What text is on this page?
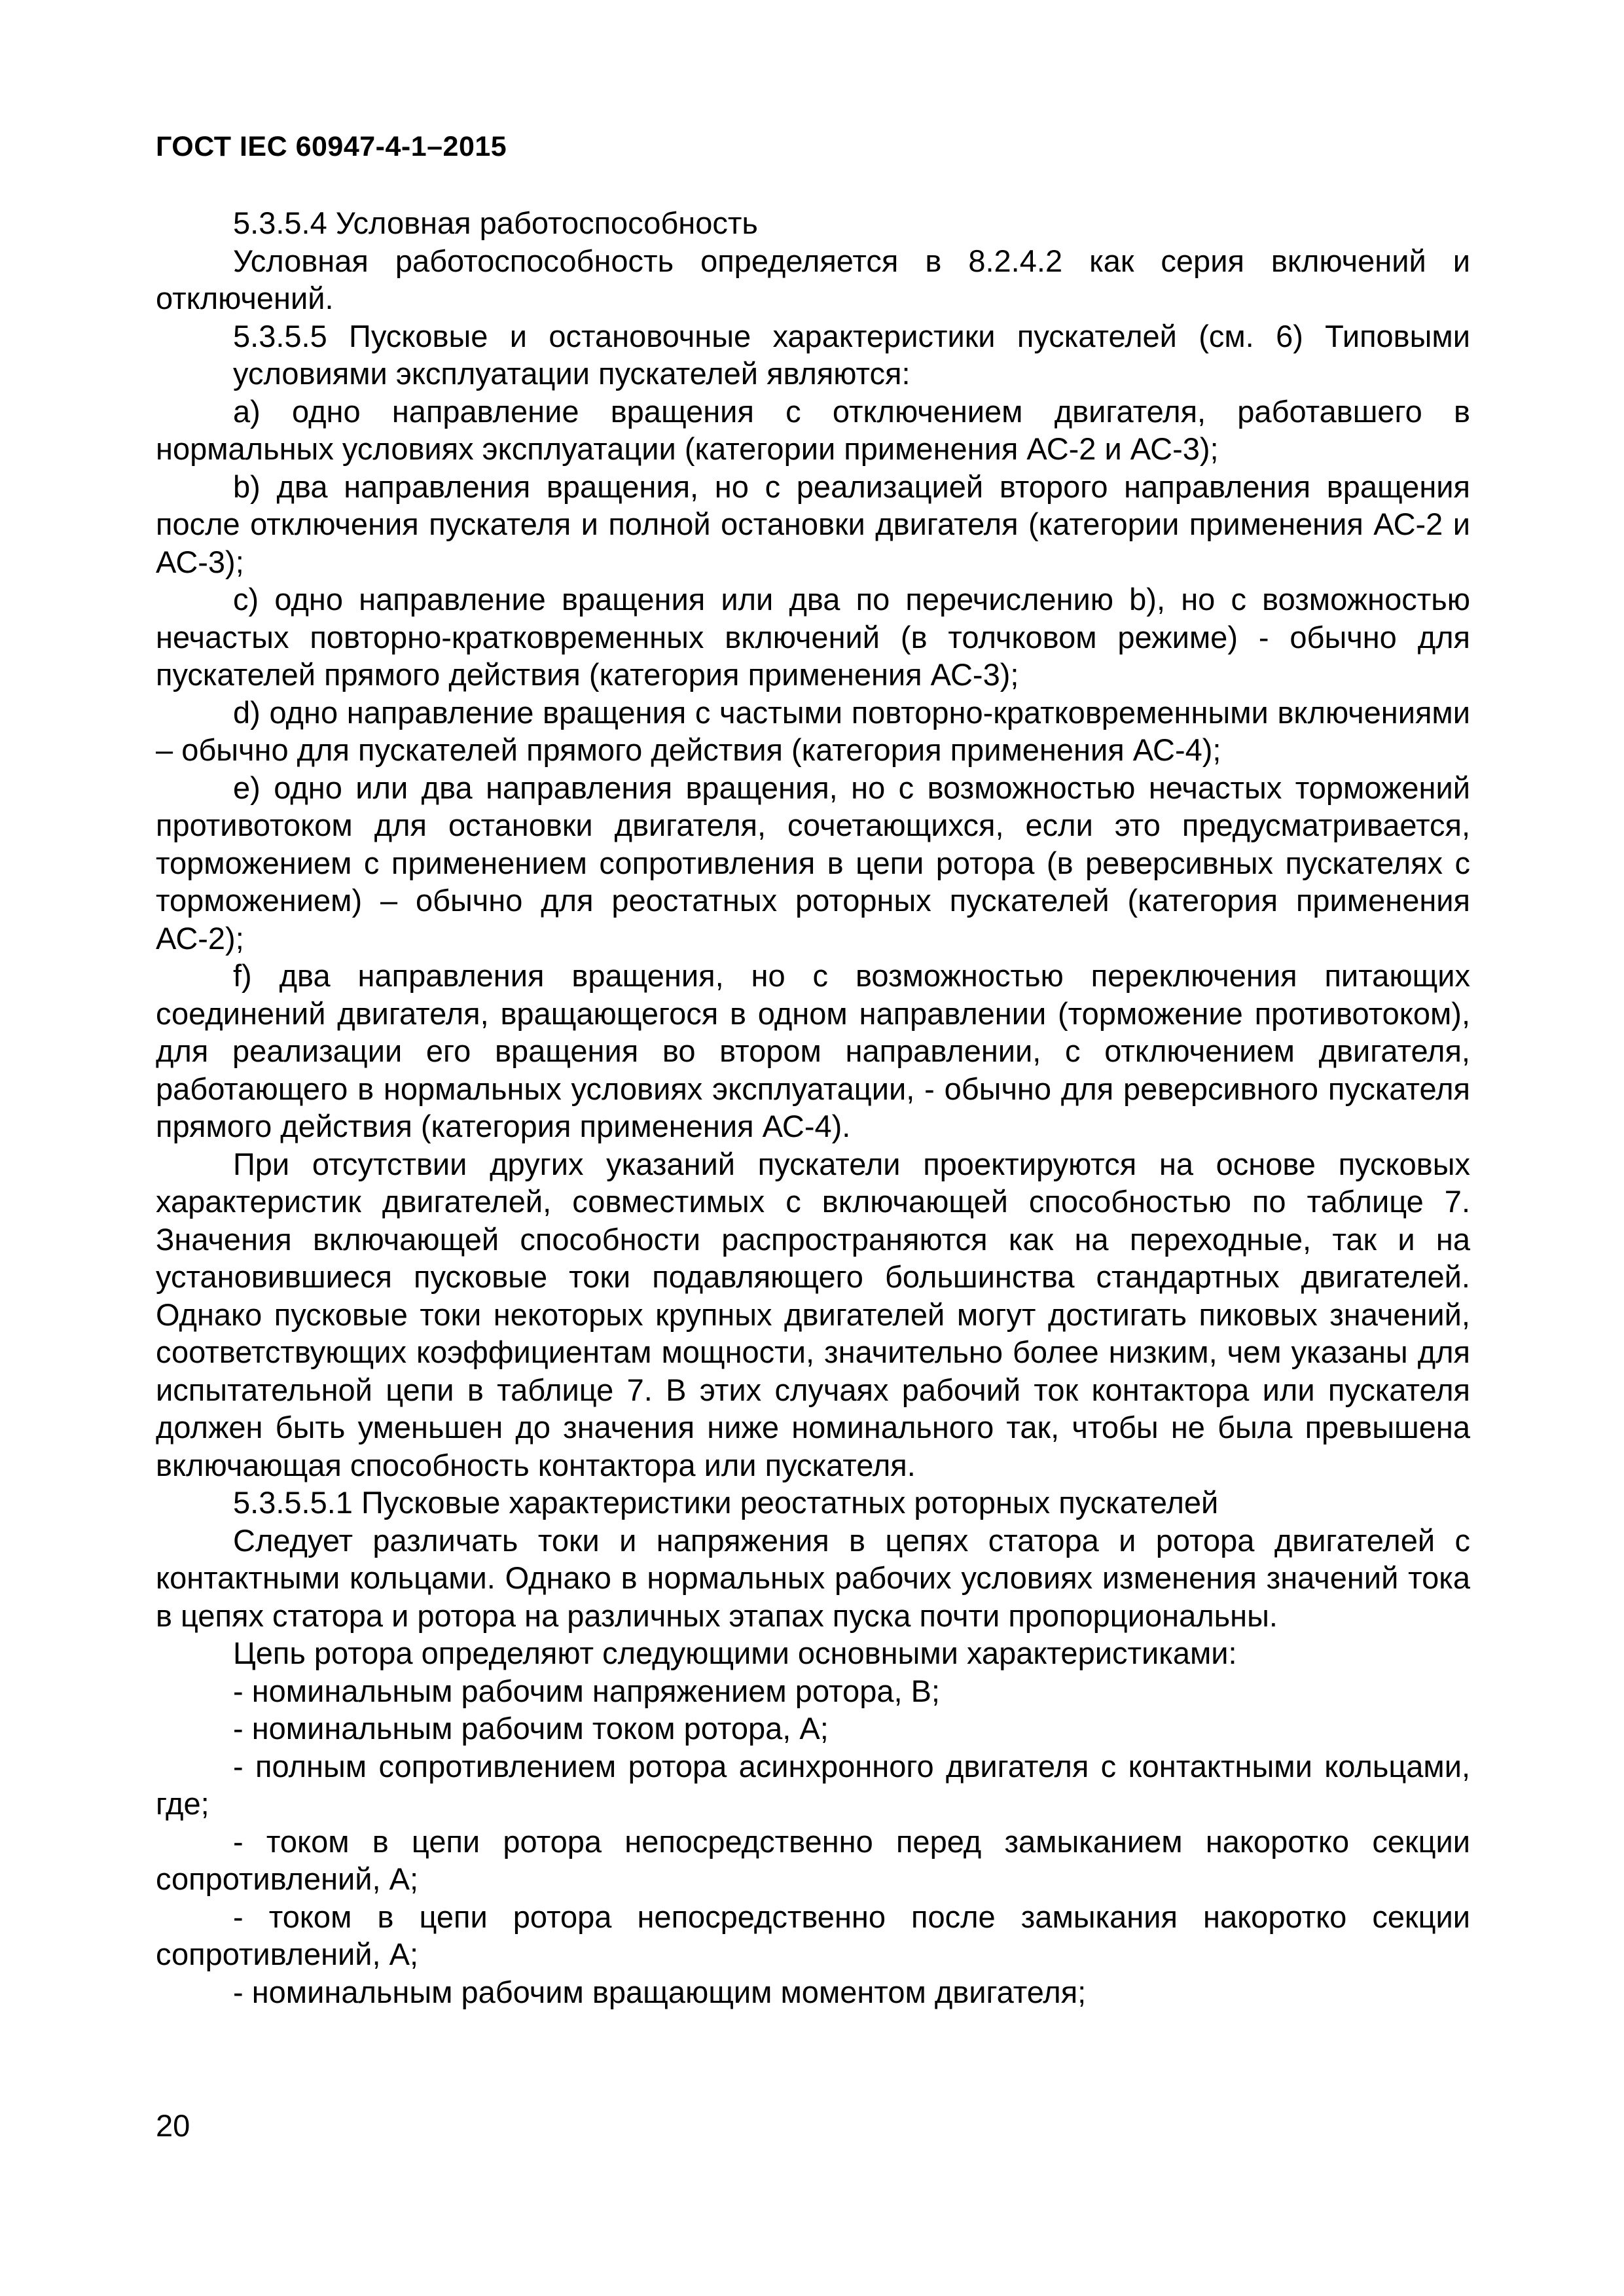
ГОСТ IEC 60947-4-1–2015

5.3.5.4 Условная работоспособность

Условная работоспособность определяется в 8.2.4.2 как серия включений и отключений.

5.3.5.5 Пусковые и остановочные характеристики пускателей (см. 6) Типовыми условиями эксплуатации пускателей являются:

a) одно направление вращения с отключением двигателя, работавшего в нормальных условиях эксплуатации (категории применения АС-2 и АС-3);

b) два направления вращения, но с реализацией второго направления вращения после отключения пускателя и полной остановки двигателя (категории применения АС-2 и АС-3);

c) одно направление вращения или два по перечислению b), но с возможностью нечастых повторно-кратковременных включений (в толчковом режиме) - обычно для пускателей прямого действия (категория применения АС-3);

d) одно направление вращения с частыми повторно-кратковременными включениями – обычно для пускателей прямого действия (категория применения АС-4);

e) одно или два направления вращения, но с возможностью нечастых торможений противотоком для остановки двигателя, сочетающихся, если это предусматривается, торможением с применением сопротивления в цепи ротора (в реверсивных пускателях с торможением) – обычно для реостатных роторных пускателей (категория применения АС-2);

f) два направления вращения, но с возможностью переключения питающих соединений двигателя, вращающегося в одном направлении (торможение противотоком), для реализации его вращения во втором направлении, с отключением двигателя, работающего в нормальных условиях эксплуатации, - обычно для реверсивного пускателя прямого действия (категория применения АС-4).

При отсутствии других указаний пускатели проектируются на основе пусковых характеристик двигателей, совместимых с включающей способностью по таблице 7. Значения включающей способности распространяются как на переходные, так и на установившиеся пусковые токи подавляющего большинства стандартных двигателей. Однако пусковые токи некоторых крупных двигателей могут достигать пиковых значений, соответствующих коэффициентам мощности, значительно более низким, чем указаны для испытательной цепи в таблице 7. В этих случаях рабочий ток контактора или пускателя должен быть уменьшен до значения ниже номинального так, чтобы не была превышена включающая способность контактора или пускателя.

5.3.5.5.1 Пусковые характеристики реостатных роторных пускателей

Следует различать токи и напряжения в цепях статора и ротора двигателей с контактными кольцами. Однако в нормальных рабочих условиях изменения значений тока в цепях статора и ротора на различных этапах пуска почти пропорциональны.

Цепь ротора определяют следующими основными характеристиками:

- номинальным рабочим напряжением ротора, В;

- номинальным рабочим током ротора, А;

- полным сопротивлением ротора асинхронного двигателя с контактными кольцами, где;

- током в цепи ротора непосредственно перед замыканием накоротко секции сопротивлений, А;

- током в цепи ротора непосредственно после замыкания накоротко секции сопротивлений, А;

- номинальным рабочим вращающим моментом двигателя;

20
